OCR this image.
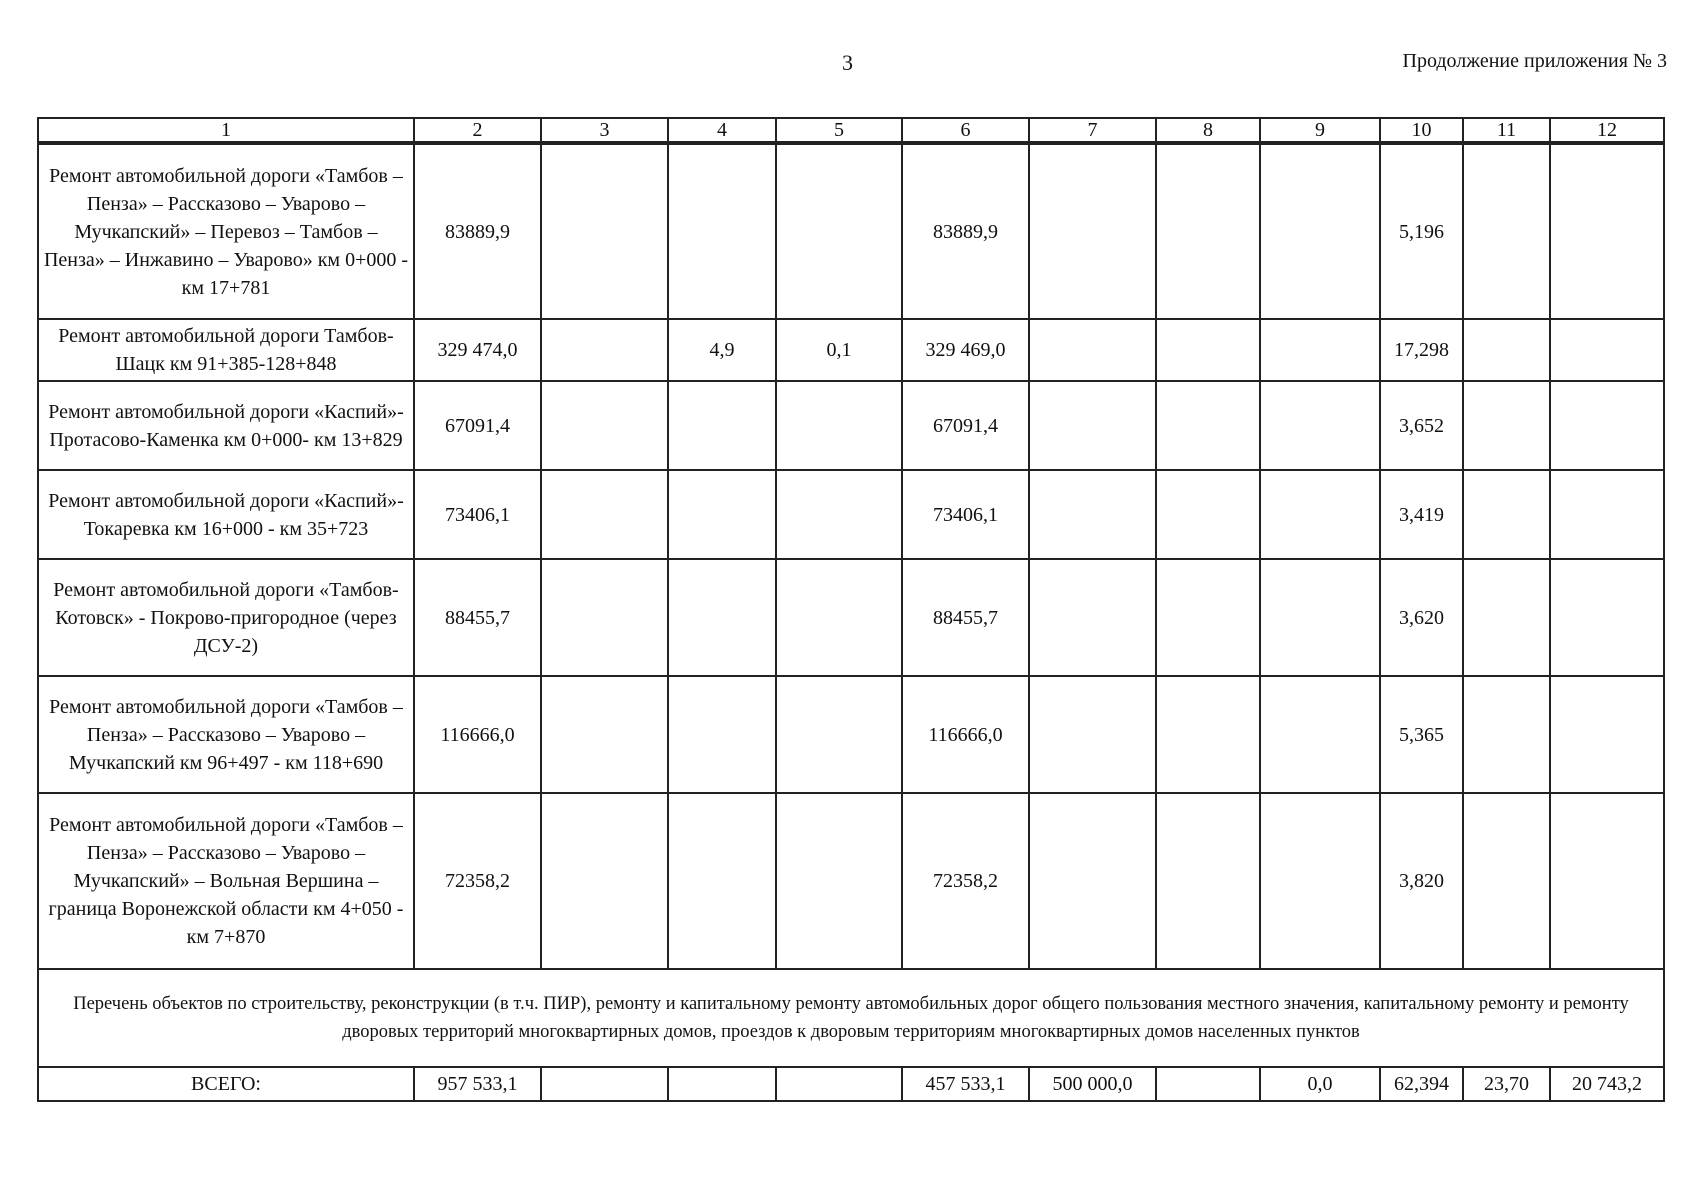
3	Продолжение приложения № 3
1	2	3	4	5	6	7	8	9	10	11	12
Ремонт автомобильной дороги «Тамбов – Пенза» – Рассказово – Уварово – Мучкапский» – Перевоз – Тамбов – Пенза» – Инжавино – Уварово» км 0+000 - км 17+781	83889,9				83889,9				5,196		
Ремонт автомобильной дороги Тамбов-Шацк км 91+385-128+848	329 474,0		4,9	0,1	329 469,0				17,298		
Ремонт автомобильной дороги «Каспий»-Протасово-Каменка км 0+000- км 13+829	67091,4				67091,4				3,652		
Ремонт автомобильной дороги «Каспий»-Токаревка км 16+000 - км 35+723	73406,1				73406,1				3,419		
Ремонт автомобильной дороги «Тамбов-Котовск» - Покрово-пригородное (через ДСУ-2)	88455,7				88455,7				3,620		
Ремонт автомобильной дороги «Тамбов – Пенза» – Рассказово – Уварово – Мучкапский км 96+497 - км 118+690	116666,0				116666,0				5,365		
Ремонт автомобильной дороги «Тамбов – Пенза» – Рассказово – Уварово – Мучкапский» – Вольная Вершина – граница Воронежской области км 4+050 - км 7+870	72358,2				72358,2				3,820		
Перечень объектов по строительству, реконструкции (в т.ч. ПИР), ремонту и капитальному ремонту автомобильных дорог общего пользования местного значения, капитальному ремонту и ремонту дворовых территорий многоквартирных домов, проездов к дворовым территориям многоквартирных домов населенных пунктов											
ВСЕГО:	957 533,1				457 533,1	500 000,0		0,0	62,394	23,70	20 743,2
